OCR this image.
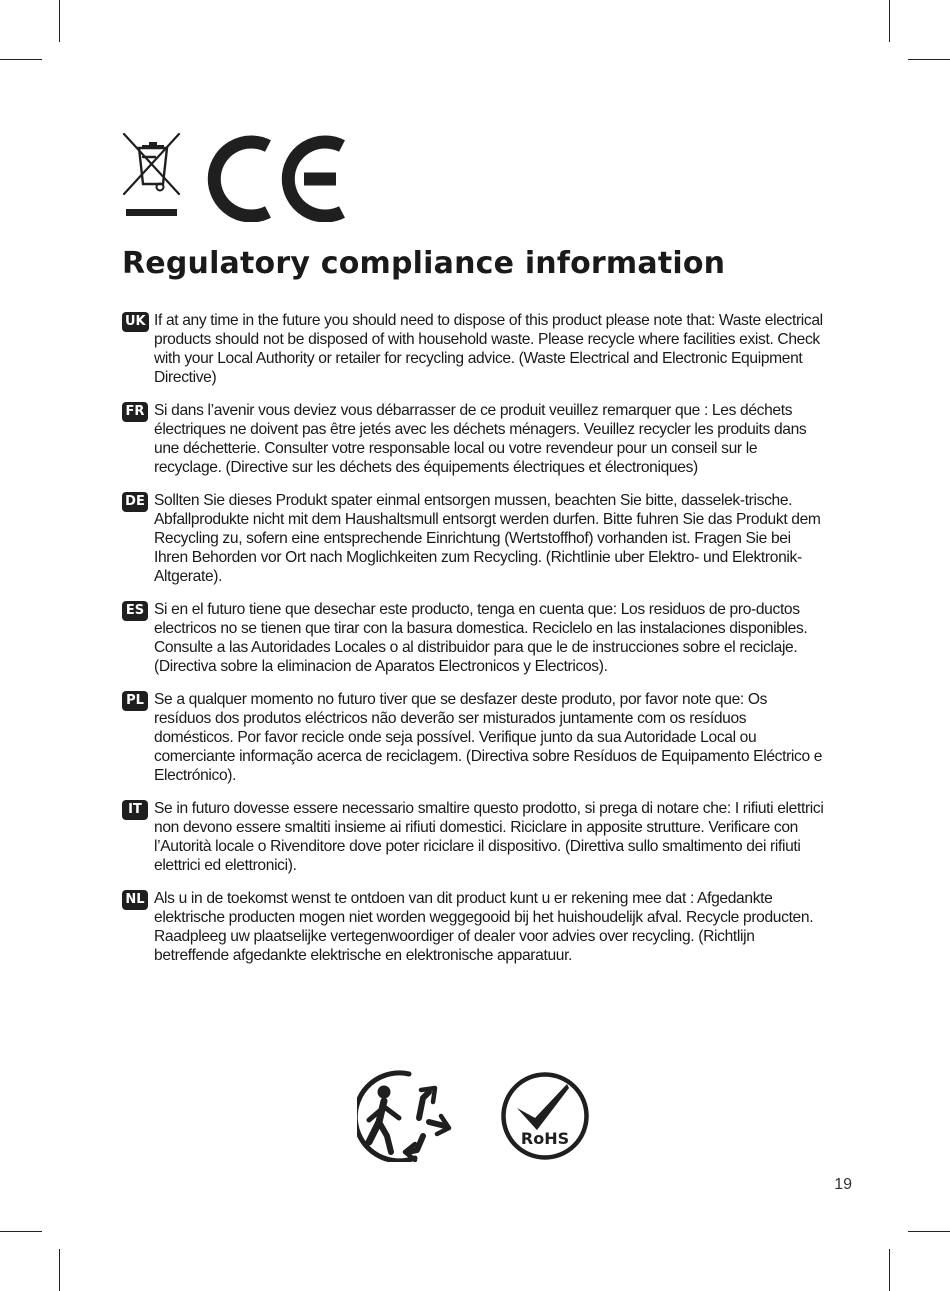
Regulatory compliance information
UK If at any time in the future you should need to dispose of this product please note that: Waste electrical products should not be disposed of with household waste. Please recycle where facilities exist. Check with your Local Authority or retailer for recycling advice. (Waste Electrical and Electronic Equipment Directive)

FR Si dans l’avenir vous deviez vous débarrasser de ce produit veuillez remarquer que : Les déchets électriques ne doivent pas être jetés avec les déchets ménagers. Veuillez recycler les produits dans une déchetterie. Consulter votre responsable local ou votre revendeur pour un conseil sur le recyclage. (Directive sur les déchets des équipements électriques et électroniques)

DE Sollten Sie dieses Produkt spater einmal entsorgen mussen, beachten Sie bitte, dasselek-trische. Abfallprodukte nicht mit dem Haushaltsmull entsorgt werden durfen. Bitte fuhren Sie das Produkt dem Recycling zu, sofern eine entsprechende Einrichtung (Wertstoffhof) vorhanden ist. Fragen Sie bei Ihren Behorden vor Ort nach Moglichkeiten zum Recycling. (Richtlinie uber Elektro- und Elektronik-Altgerate).

ES Si en el futuro tiene que desechar este producto, tenga en cuenta que: Los residuos de pro-ductos electricos no se tienen que tirar con la basura domestica. Reciclelo en las instalaciones disponibles. Consulte a las Autoridades Locales o al distribuidor para que le de instrucciones sobre el reciclaje. (Directiva sobre la eliminacion de Aparatos Electronicos y Electricos).

PL Se a qualquer momento no futuro tiver que se desfazer deste produto, por favor note que: Os resíduos dos produtos eléctricos não deverão ser misturados juntamente com os resíduos domésticos. Por favor recicle onde seja possível. Verifique junto da sua Autoridade Local ou comerciante informação acerca de reciclagem. (Directiva sobre Resíduos de Equipamento Eléctrico e Electrónico).

IT Se in futuro dovesse essere necessario smaltire questo prodotto, si prega di notare che: I rifiuti elettrici non devono essere smaltiti insieme ai rifiuti domestici. Riciclare in apposite strutture. Verificare con l’Autorità locale o Rivenditore dove poter riciclare il dispositivo. (Direttiva sullo smaltimento dei rifiuti elettrici ed elettronici).

NL Als u in de toekomst wenst te ontdoen van dit product kunt u er rekening mee dat : Afgedankte elektrische producten mogen niet worden weggegooid bij het huishoudelijk afval. Recycle producten. Raadpleeg uw plaatselijke vertegenwoordiger of dealer voor advies over recycling. (Richtlijn betreffende afgedankte elektrische en elektronische apparatuur.

RoHS
19
